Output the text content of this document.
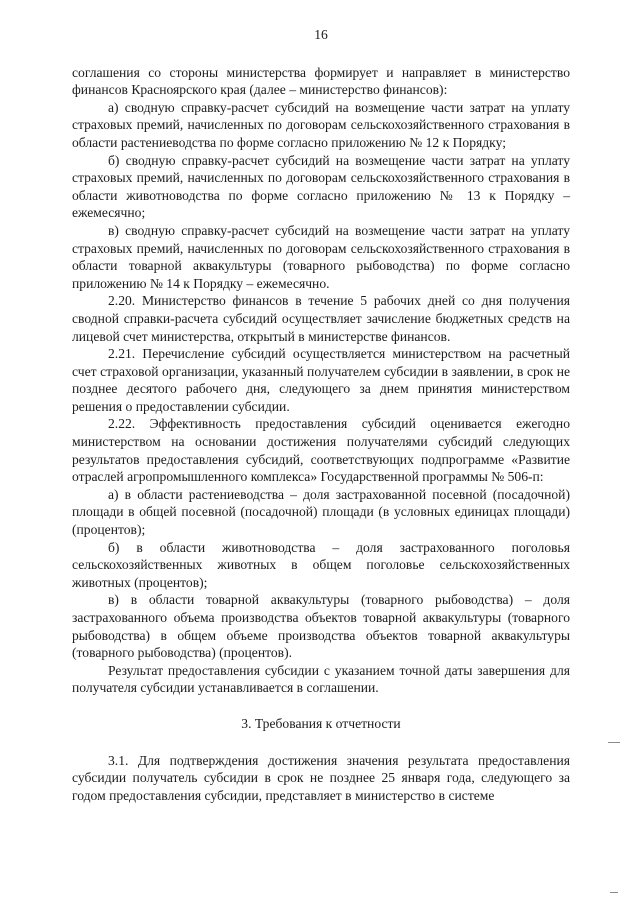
16

соглашения со стороны министерства формирует и направляет в министерство финансов Красноярского края (далее – министерство финансов):

а) сводную справку-расчет субсидий на возмещение части затрат на уплату страховых премий, начисленных по договорам сельскохозяйственного страхования в области растениеводства по форме согласно приложению № 12 к Порядку;

б) сводную справку-расчет субсидий на возмещение части затрат на уплату страховых премий, начисленных по договорам сельскохозяйственного страхования в области животноводства по форме согласно приложению № 13 к Порядку – ежемесячно;

в) сводную справку-расчет субсидий на возмещение части затрат на уплату страховых премий, начисленных по договорам сельскохозяйственного страхования в области товарной аквакультуры (товарного рыбоводства) по форме согласно приложению № 14 к Порядку – ежемесячно.

2.20. Министерство финансов в течение 5 рабочих дней со дня получения сводной справки-расчета субсидий осуществляет зачисление бюджетных средств на лицевой счет министерства, открытый в министерстве финансов.

2.21. Перечисление субсидий осуществляется министерством на расчетный счет страховой организации, указанный получателем субсидии в заявлении, в срок не позднее десятого рабочего дня, следующего за днем принятия министерством решения о предоставлении субсидии.

2.22. Эффективность предоставления субсидий оценивается ежегодно министерством на основании достижения получателями субсидий следующих результатов предоставления субсидий, соответствующих подпрограмме «Развитие отраслей агропромышленного комплекса» Государственной программы № 506-п:

а) в области растениеводства – доля застрахованной посевной (посадочной) площади в общей посевной (посадочной) площади (в условных единицах площади) (процентов);

б) в области животноводства – доля застрахованного поголовья сельскохозяйственных животных в общем поголовье сельскохозяйственных животных (процентов);

в) в области товарной аквакультуры (товарного рыбоводства) – доля застрахованного объема производства объектов товарной аквакультуры (товарного рыбоводства) в общем объеме производства объектов товарной аквакультуры (товарного рыбоводства) (процентов).

Результат предоставления субсидии с указанием точной даты завершения для получателя субсидии устанавливается в соглашении.

3. Требования к отчетности

3.1. Для подтверждения достижения значения результата предоставления субсидии получатель субсидии в срок не позднее 25 января года, следующего за годом предоставления субсидии, представляет в министерство в системе
